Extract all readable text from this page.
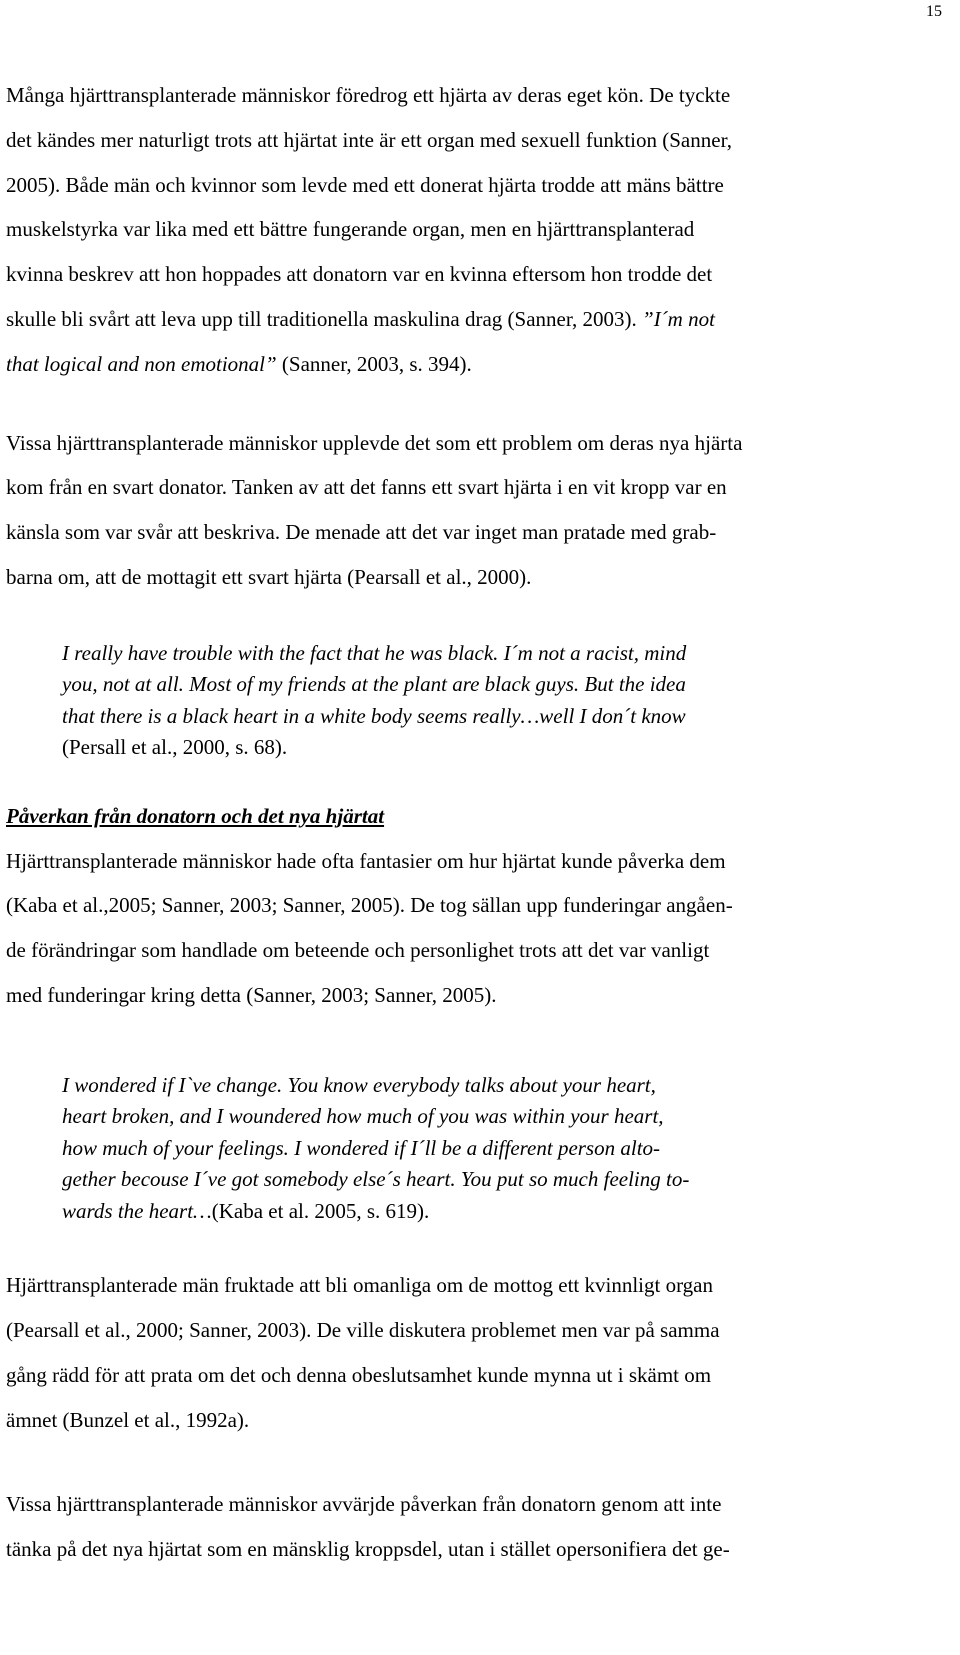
15

Många hjärttransplanterade människor föredrog ett hjärta av deras eget kön. De tyckte
det kändes mer naturligt trots att hjärtat inte är ett organ med sexuell funktion (Sanner,
2005). Både män och kvinnor som levde med ett donerat hjärta trodde att mäns bättre
muskelstyrka var lika med ett bättre fungerande organ, men en hjärttransplanterad
kvinna beskrev att hon hoppades att donatorn var en kvinna eftersom hon trodde det
skulle bli svårt att leva upp till traditionella maskulina drag (Sanner, 2003). ”I´m not
that logical and non emotional” (Sanner, 2003, s. 394).

Vissa hjärttransplanterade människor upplevde det som ett problem om deras nya hjärta
kom från en svart donator. Tanken av att det fanns ett svart hjärta i en vit kropp var en
känsla som var svår att beskriva. De menade att det var inget man pratade med grab-
barna om, att de mottagit ett svart hjärta (Pearsall et al., 2000).

I really have trouble with the fact that he was black. I´m not a racist, mind
you, not at all. Most of my friends at the plant are black guys. But the idea
that there is a black heart in a white body seems really…well I don´t know
(Persall et al., 2000, s. 68).
Påverkan från donatorn och det nya hjärtat

Hjärttransplanterade människor hade ofta fantasier om hur hjärtat kunde påverka dem
(Kaba et al.,2005; Sanner, 2003; Sanner, 2005). De tog sällan upp funderingar angåen-
de förändringar som handlade om beteende och personlighet trots att det var vanligt
med funderingar kring detta (Sanner, 2003; Sanner, 2005).

I wondered if I`ve change. You know everybody talks about your heart,
heart broken, and I woundered how much of you was within your heart,
how much of your feelings. I wondered if I´ll be a different person alto-
gether becouse I´ve got somebody else´s heart. You put so much feeling to-
wards the heart…(Kaba et al. 2005, s. 619).

Hjärttransplanterade män fruktade att bli omanliga om de mottog ett kvinnligt organ
(Pearsall et al., 2000; Sanner, 2003). De ville diskutera problemet men var på samma
gång rädd för att prata om det och denna obeslutsamhet kunde mynna ut i skämt om
ämnet (Bunzel et al., 1992a).

Vissa hjärttransplanterade människor avvärjde påverkan från donatorn genom att inte
tänka på det nya hjärtat som en mänsklig kroppsdel, utan i stället opersonifiera det ge-
